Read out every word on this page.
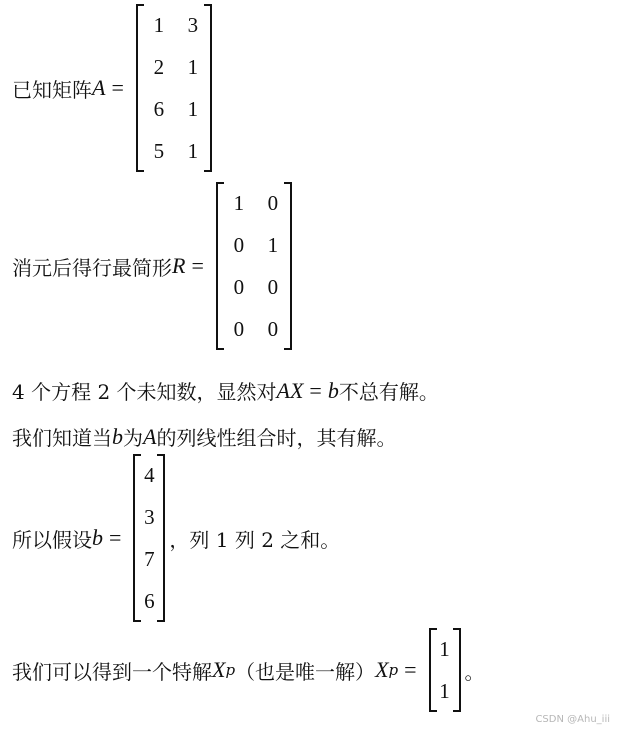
已知矩阵 A =
1	3
2	1
6	1
5	1
消元后得行最简形 R =
1	0
0	1
0	0
0	0
4 个方程 2 个未知数，显然对 AX = b 不总有解。
我们知道当 b 为 A 的列线性组合时，其有解。
所以假设 b =
4
3
7
6
，列 1 列 2 之和。
我们可以得到一个特解 X p （也是唯一解） X p =
1
1
。
CSDN @Ahu_iii
